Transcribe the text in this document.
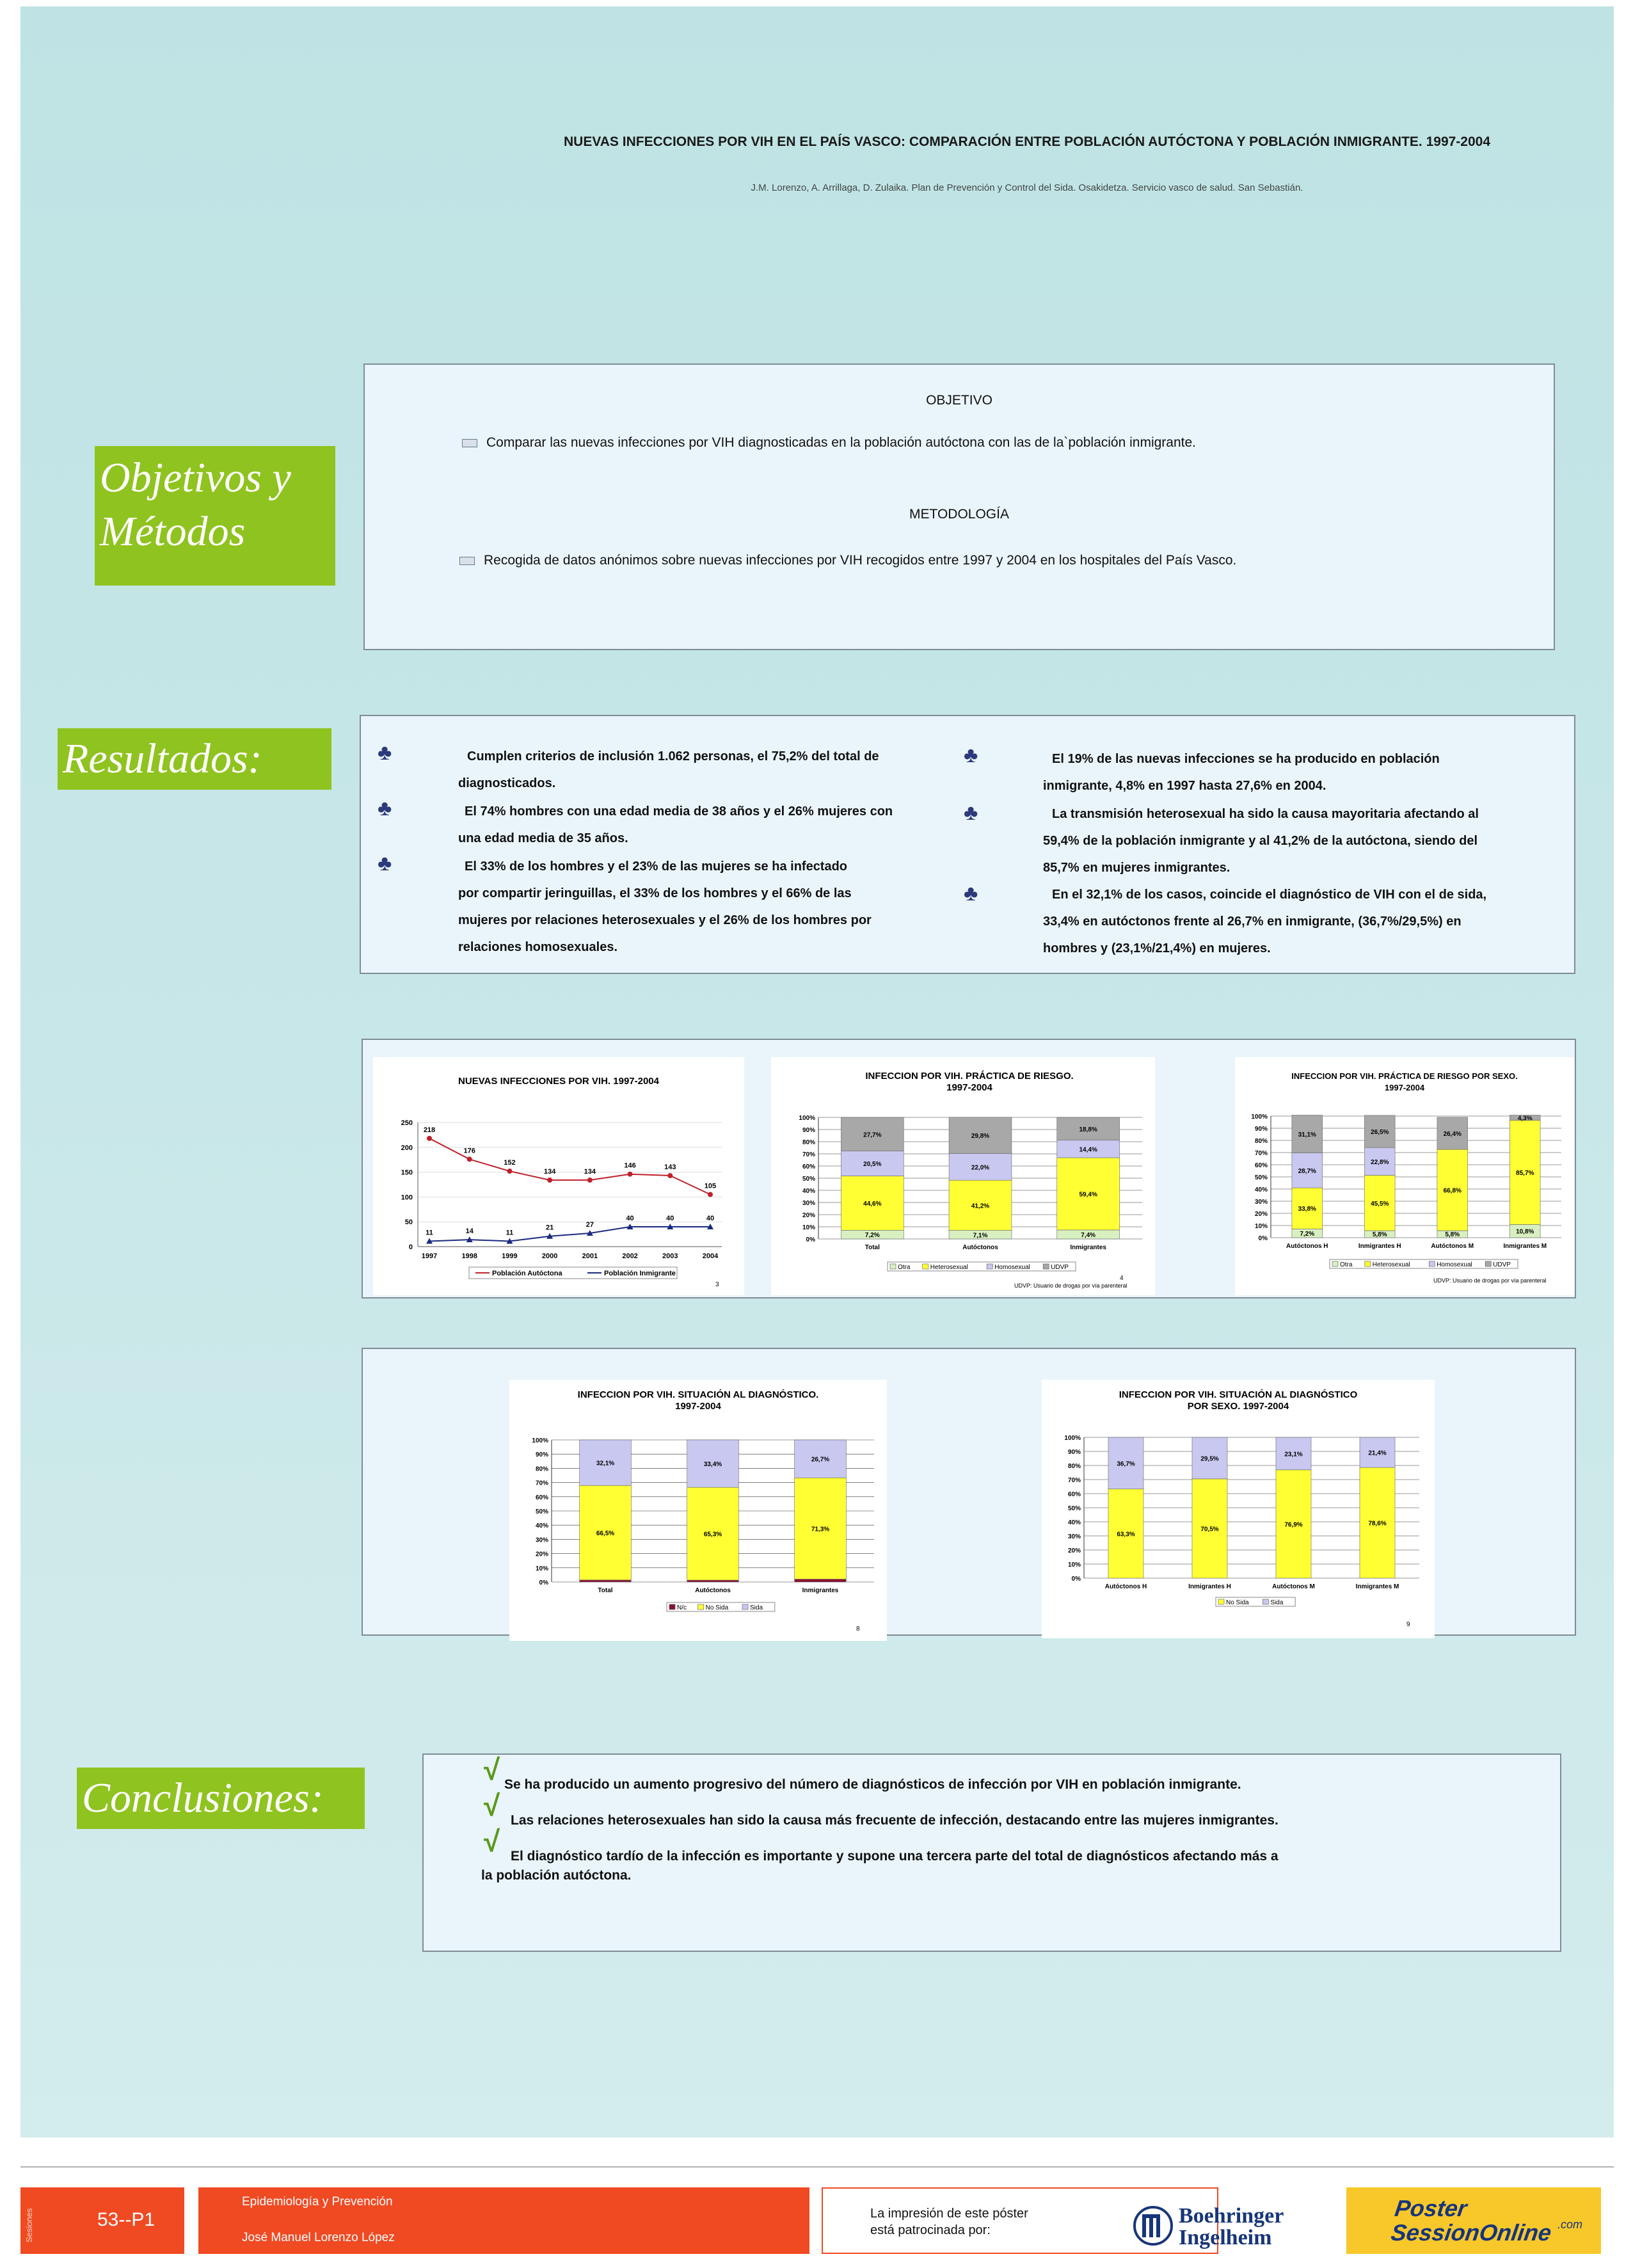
NUEVAS INFECCIONES POR VIH EN EL PAÍS VASCO: COMPARACIÓN ENTRE POBLACIÓN AUTÓCTONA Y POBLACIÓN INMIGRANTE. 1997-2004
J.M. Lorenzo, A. Arrillaga, D. Zulaika. Plan de Prevención y Control del Sida. Osakidetza. Servicio vasco de salud. San Sebastián.
Objetivos y
Métodos
OBJETIVO
Comparar las nuevas infecciones por VIH diagnosticadas en la población autóctona con las de la`población inmigrante.
METODOLOGÍA
Recogida de datos anónimos sobre nuevas infecciones por VIH recogidos entre 1997 y 2004 en los hospitales del País Vasco.
Resultados:	♣
♣
♣
Cumplen criterios de inclusión 1.062 personas, el 75,2% del total de
diagnosticados.
El 74% hombres con una edad media de 38 años y el 26% mujeres con
una edad media de 35 años.
El 33% de los hombres y el 23% de las mujeres se ha infectado
por compartir jeringuillas, el 33% de los hombres y el 66% de las
mujeres por relaciones heterosexuales y el 26% de los hombres por
relaciones homosexuales.
♣
♣
♣
El 19% de las nuevas infecciones se ha producido en población
inmigrante, 4,8% en 1997 hasta 27,6% en 2004.
La transmisión heterosexual ha sido la causa mayoritaria afectando al
59,4% de la población inmigrante y al 41,2% de la autóctona, siendo del
85,7% en mujeres inmigrantes.
En el 32,1% de los casos, coincide el diagnóstico de VIH con el de sida,
33,4% en autóctonos frente al 26,7% en inmigrante, (36,7%/29,5%) en
hombres y (23,1%/21,4%) en mujeres.
NUEVAS INFECCIONES POR VIH. 1997-2004
0
50
100
150
200
250
1997	1998	1999	2000	2001	2002	2003	2004
218
176
152
134	134
146	143
105
11	14	11
21	27
40	40	40
Población Autóctona	Población Inmigrante
3
INFECCION POR VIH. PRÁCTICA DE RIESGO.
1997-2004
0%
10%
20%
30%
40%
50%
60%
70%
80%
90%
100%
7,2%
44,6%
20,5%
27,7%
Total
7,1%
41,2%
22,0%
29,8%
Autóctonos
7,4%
59,4%
14,4%
18,8%
Inmigrantes
Otra	Heterosexual	Homosexual	UDVP
UDVP: Usuario de drogas por vía parenteral
4
INFECCION POR VIH. PRÁCTICA DE RIESGO POR SEXO.
1997-2004
0%
10%
20%
30%
40%
50%
60%
70%
80%
90%
100%
7,2%
33,8%
28,7%
31,1%
Autóctonos H
5,8%
45,5%
22,8%
26,5%
Inmigrantes H
5,8%
66,8%
26,4%
Autóctonos M
10,8%
85,7%
4,3%
Inmigrantes M
Otra	Heterosexual	Homosexual	UDVP
UDVP: Usuario de drogas por vía parenteral
INFECCION POR VIH. SITUACIÓN AL DIAGNÓSTICO.
1997-2004
0%
10%
20%
30%
40%
50%
60%
70%
80%
90%
100%
66,5%
32,1%
Total
65,3%
33,4%
Autóctonos
71,3%
26,7%
Inmigrantes
N/c	No Sida	Sida
8
INFECCION POR VIH. SITUACIÓN AL DIAGNÓSTICO
POR SEXO. 1997-2004
0%
10%
20%
30%
40%
50%
60%
70%
80%
90%
100%
63,3%
36,7%
Autóctonos H
70,5%
29,5%
Inmigrantes H
76,9%
23,1%
Autóctonos M
78,6%
21,4%
Inmigrantes M
No Sida	Sida
9
Conclusiones:
√ Se ha producido un aumento progresivo del número de diagnósticos de infección por VIH en población inmigrante.
√ Las relaciones heterosexuales han sido la causa más frecuente de infección, destacando entre las mujeres inmigrantes.
√ El diagnóstico tardío de la infección es importante y supone una tercera parte del total de diagnósticos afectando más a
la población autóctona.
Sesiones	53--P1
Epidemiología y Prevención
José Manuel Lorenzo López
La impresión de este póster
está patrocinada por:
Boehringer
Ingelheim
Poster
SessionOnline .com
